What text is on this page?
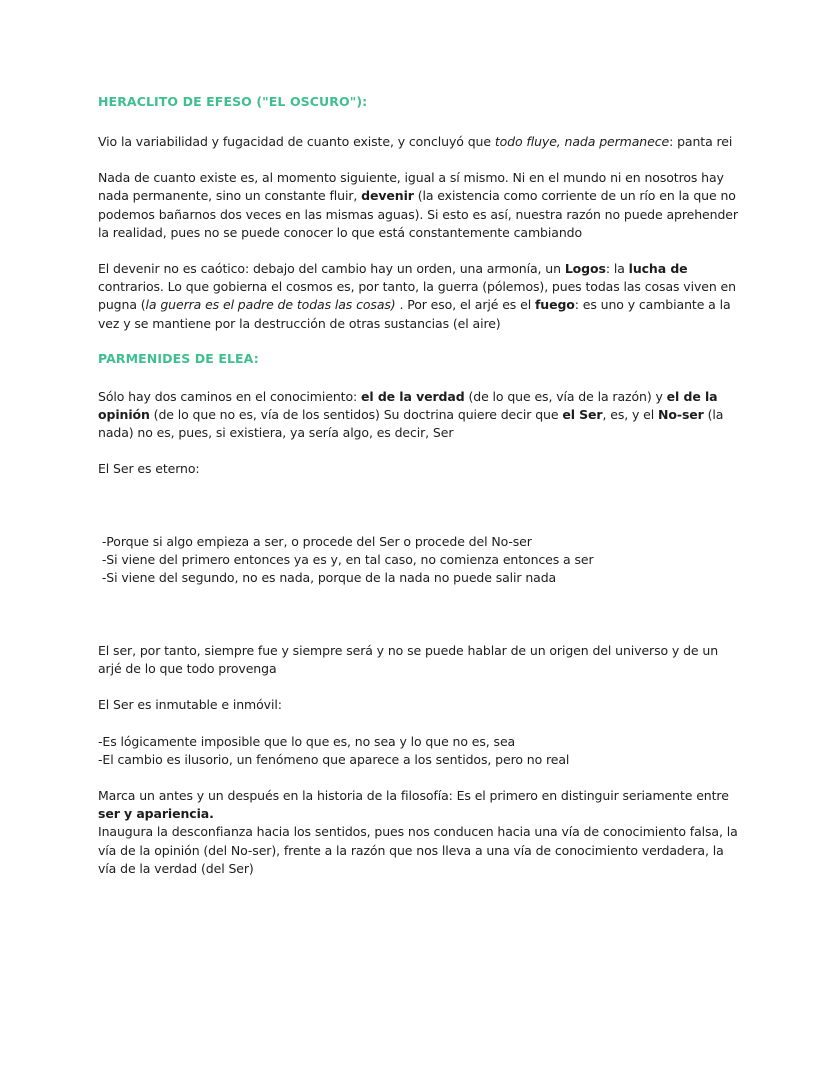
HERACLITO DE EFESO ("EL OSCURO"):

Vio la variabilidad y fugacidad de cuanto existe, y concluyó que todo fluye, nada permanece: panta rei

Nada de cuanto existe es, al momento siguiente, igual a sí mismo. Ni en el mundo ni en nosotros hay nada permanente, sino un constante fluir, devenir (la existencia como corriente de un río en la que no podemos bañarnos dos veces en las mismas aguas). Si esto es así, nuestra razón no puede aprehender la realidad, pues no se puede conocer lo que está constantemente cambiando

El devenir no es caótico: debajo del cambio hay un orden, una armonía, un Logos: la lucha de contrarios. Lo que gobierna el cosmos es, por tanto, la guerra (pólemos), pues todas las cosas viven en pugna (la guerra es el padre de todas las cosas) . Por eso, el arjé es el fuego: es uno y cambiante a la vez y se mantiene por la destrucción de otras sustancias (el aire)

PARMENIDES DE ELEA:

Sólo hay dos caminos en el conocimiento: el de la verdad (de lo que es, vía de la razón) y el de la opinión (de lo que no es, vía de los sentidos) Su doctrina quiere decir que el Ser, es, y el No-ser (la nada) no es, pues, si existiera, ya sería algo, es decir, Ser

El Ser es eterno:

-Porque si algo empieza a ser, o procede del Ser o procede del No-ser
-Si viene del primero entonces ya es y, en tal caso, no comienza entonces a ser
-Si viene del segundo, no es nada, porque de la nada no puede salir nada

El ser, por tanto, siempre fue y siempre será y no se puede hablar de un origen del universo y de un arjé de lo que todo provenga

El Ser es inmutable e inmóvil:

-Es lógicamente imposible que lo que es, no sea y lo que no es, sea
-El cambio es ilusorio, un fenómeno que aparece a los sentidos, pero no real

Marca un antes y un después en la historia de la filosofía: Es el primero en distinguir seriamente entre ser y apariencia.
Inaugura la desconfianza hacia los sentidos, pues nos conducen hacia una vía de conocimiento falsa, la vía de la opinión (del No-ser), frente a la razón que nos lleva a una vía de conocimiento verdadera, la vía de la verdad (del Ser)
